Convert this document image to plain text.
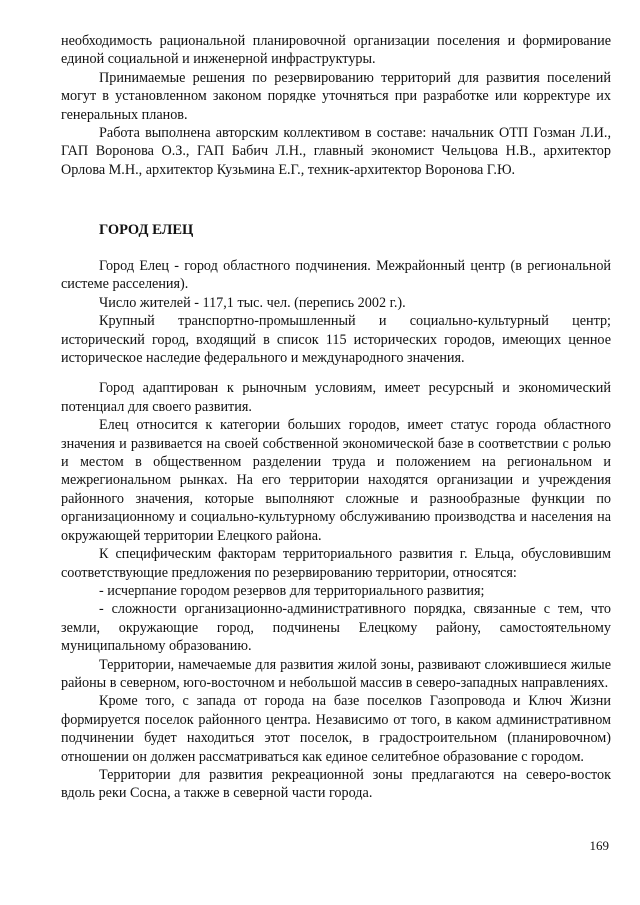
необходимость рациональной планировочной организации поселения и формирование единой социальной и инженерной инфраструктуры.

Принимаемые решения по резервированию территорий для развития поселений могут в установленном законом порядке уточняться при разработке или корректуре их генеральных планов.

Работа выполнена авторским коллективом в составе: начальник ОТП Гозман Л.И., ГАП Воронова О.З., ГАП Бабич Л.Н., главный экономист Чельцова Н.В., архитектор Орлова М.Н., архитектор Кузьмина Е.Г., техник-архитектор Воронова Г.Ю.

ГОРОД ЕЛЕЦ

Город Елец - город областного подчинения. Межрайонный центр (в региональной системе расселения).

Число жителей - 117,1 тыс. чел. (перепись 2002 г.).

Крупный транспортно-промышленный и социально-культурный центр; исторический город, входящий в список 115 исторических городов, имеющих ценное историческое наследие федерального и международного значения.

Город адаптирован к рыночным условиям, имеет ресурсный и экономический потенциал для своего развития.

Елец относится к категории больших городов, имеет статус города областного значения и развивается на своей собственной экономической базе в соответствии с ролью и местом в общественном разделении труда и положением на региональном и межрегиональном рынках. На его территории находятся организации и учреждения районного значения, которые выполняют сложные и разнообразные функции по организационному и социально-культурному обслуживанию производства и населения на окружающей территории Елецкого района.

К специфическим факторам территориального развития г. Ельца, обусловившим соответствующие предложения по резервированию территории, относятся:

- исчерпание городом резервов для территориального развития;

- сложности организационно-административного порядка, связанные с тем, что земли, окружающие город, подчинены Елецкому району, самостоятельному муниципальному образованию.

Территории, намечаемые для развития жилой зоны, развивают сложившиеся жилые районы в северном, юго-восточном и небольшой массив в северо-западных направлениях.

Кроме того, с запада от города на базе поселков Газопровода и Ключ Жизни формируется поселок районного центра. Независимо от того, в каком административном подчинении будет находиться этот поселок, в градостроительном (планировочном) отношении он должен рассматриваться как единое селитебное образование с городом.

Территории для развития рекреационной зоны предлагаются на северо-восток вдоль реки Сосна, а также в северной части города.

169
